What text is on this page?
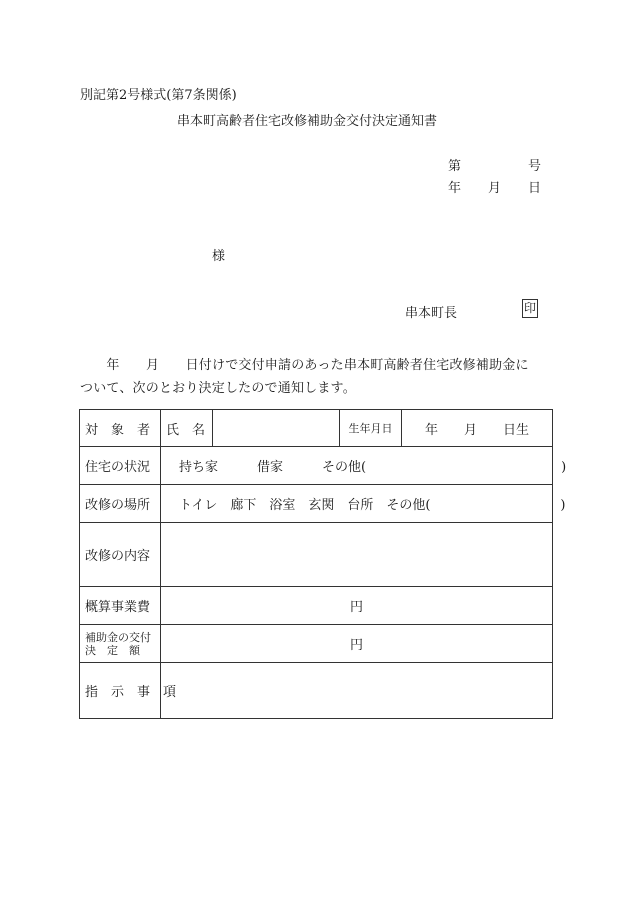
別記第2号様式(第7条関係)
串本町高齢者住宅改修補助金交付決定通知書
第	号
年 月 日
様
串本町長	印
　　年　　月　　日付けで交付申請のあった串本町高齢者住宅改修補助金に
ついて、次のとおり決定したので通知します。
対　象　者	氏　名		生年月日	年　　月　　日生
住宅の状況	持ち家　　　借家　　　その他(　　　　　　　　　　　　　　　)			
改修の場所	トイレ　廊下　浴室　玄関　台所　その他(　　　　　　　　　　)			
改修の内容				
概算事業費	円			

補助金の交付
決　定　額	円			
指　示　事　項				
